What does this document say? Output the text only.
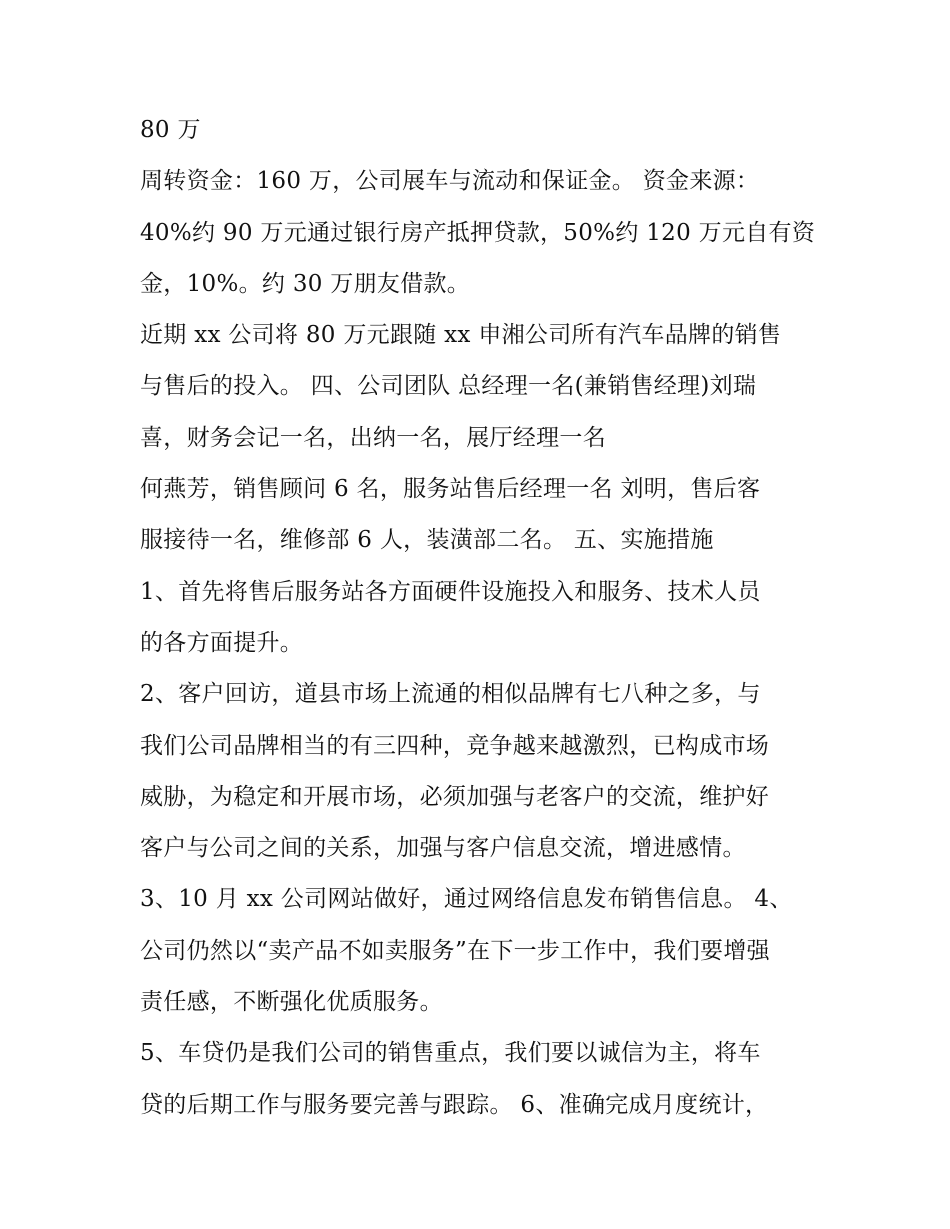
80 万
周转资金：160 万，公司展车与流动和保证金。 资金来源：
40%约 90 万元通过银行房产抵押贷款，50%约 120 万元自有资
金，10%。约 30 万朋友借款。
近期 xx 公司将 80 万元跟随 xx 申湘公司所有汽车品牌的销售
与售后的投入。 四、公司团队 总经理一名(兼销售经理)刘瑞
喜，财务会记一名，出纳一名，展厅经理一名
何燕芳，销售顾问 6 名，服务站售后经理一名 刘明，售后客
服接待一名，维修部 6 人，装潢部二名。 五、实施措施
1、首先将售后服务站各方面硬件设施投入和服务、技术人员
的各方面提升。
2、客户回访，道县市场上流通的相似品牌有七八种之多，与
我们公司品牌相当的有三四种，竞争越来越激烈，已构成市场
威胁，为稳定和开展市场，必须加强与老客户的交流，维护好
客户与公司之间的关系，加强与客户信息交流，增进感情。
3、10 月 xx 公司网站做好，通过网络信息发布销售信息。 4、
公司仍然以“卖产品不如卖服务”在下一步工作中，我们要增强
责任感，不断强化优质服务。
5、车贷仍是我们公司的销售重点，我们要以诚信为主，将车
贷的后期工作与服务要完善与跟踪。 6、准确完成月度统计，
